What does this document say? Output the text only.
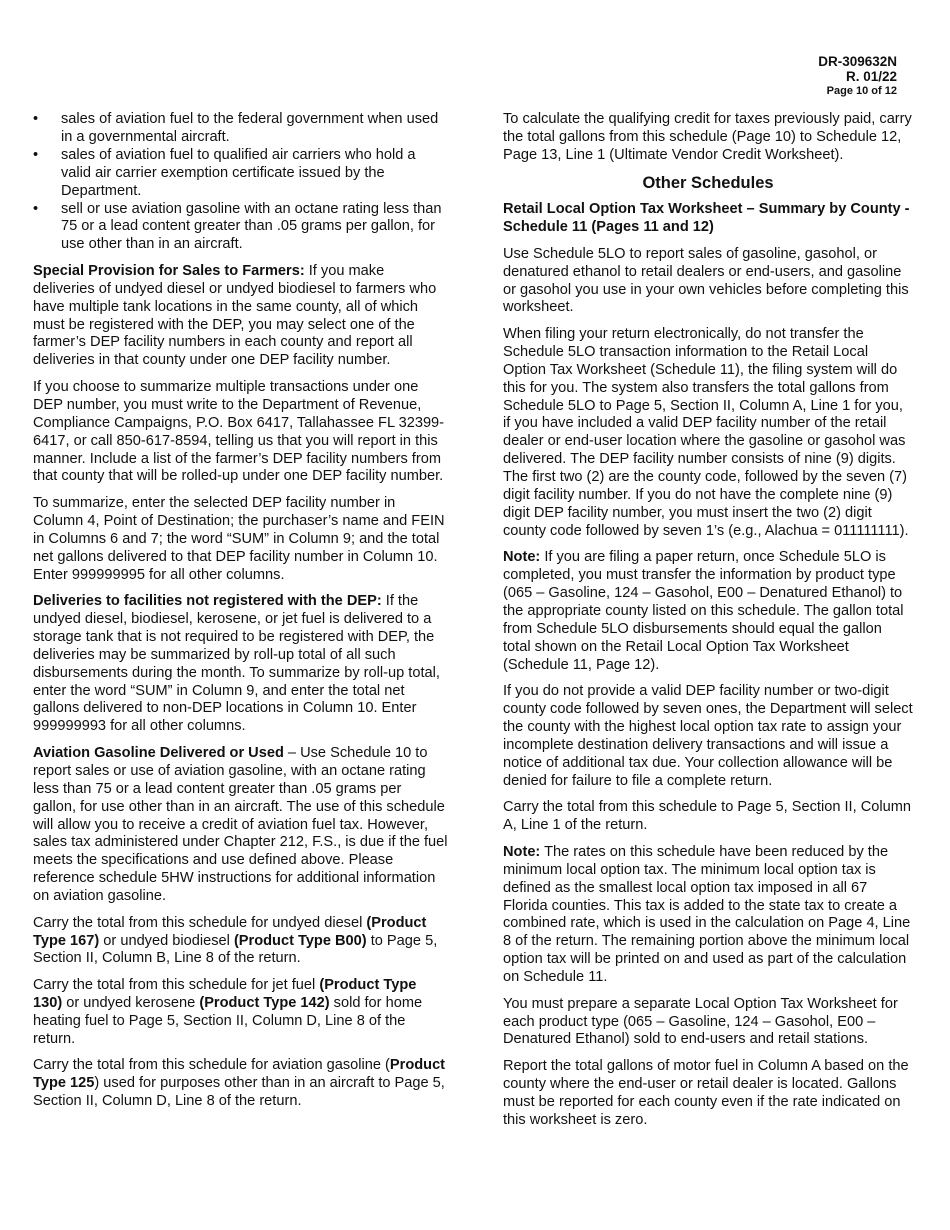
DR-309632N
R. 01/22
Page 10 of 12
• sales of aviation fuel to the federal government when used in a governmental aircraft.
• sales of aviation fuel to qualified air carriers who hold a valid air carrier exemption certificate issued by the Department.
• sell or use aviation gasoline with an octane rating less than 75 or a lead content greater than .05 grams per gallon, for use other than in an aircraft.

Special Provision for Sales to Farmers: If you make deliveries of undyed diesel or undyed biodiesel to farmers who have multiple tank locations in the same county, all of which must be registered with the DEP, you may select one of the farmer’s DEP facility numbers in each county and report all deliveries in that county under one DEP facility number.

If you choose to summarize multiple transactions under one DEP number, you must write to the Department of Revenue, Compliance Campaigns, P.O. Box 6417, Tallahassee FL 32399-6417, or call 850-617-8594, telling us that you will report in this manner. Include a list of the farmer’s DEP facility numbers from that county that will be rolled-up under one DEP facility number.

To summarize, enter the selected DEP facility number in Column 4, Point of Destination; the purchaser’s name and FEIN in Columns 6 and 7; the word “SUM” in Column 9; and the total net gallons delivered to that DEP facility number in Column 10. Enter 999999995 for all other columns.

Deliveries to facilities not registered with the DEP: If the undyed diesel, biodiesel, kerosene, or jet fuel is delivered to a storage tank that is not required to be registered with DEP, the deliveries may be summarized by roll-up total of all such disbursements during the month. To summarize by roll-up total, enter the word “SUM” in Column 9, and enter the total net gallons delivered to non-DEP locations in Column 10. Enter 999999993 for all other columns.

Aviation Gasoline Delivered or Used – Use Schedule 10 to report sales or use of aviation gasoline, with an octane rating less than 75 or a lead content greater than .05 grams per gallon, for use other than in an aircraft. The use of this schedule will allow you to receive a credit of aviation fuel tax. However, sales tax administered under Chapter 212, F.S., is due if the fuel meets the specifications and use defined above. Please reference schedule 5HW instructions for additional information on aviation gasoline.

Carry the total from this schedule for undyed diesel (Product Type 167) or undyed biodiesel (Product Type B00) to Page 5, Section II, Column B, Line 8 of the return.

Carry the total from this schedule for jet fuel (Product Type 130) or undyed kerosene (Product Type 142) sold for home heating fuel to Page 5, Section II, Column D, Line 8 of the return.

Carry the total from this schedule for aviation gasoline (Product Type 125) used for purposes other than in an aircraft to Page 5, Section II, Column D, Line 8 of the return.

To calculate the qualifying credit for taxes previously paid, carry the total gallons from this schedule (Page 10) to Schedule 12, Page 13, Line 1 (Ultimate Vendor Credit Worksheet).

Other Schedules
Retail Local Option Tax Worksheet – Summary by County - Schedule 11 (Pages 11 and 12)

Use Schedule 5LO to report sales of gasoline, gasohol, or denatured ethanol to retail dealers or end-users, and gasoline or gasohol you use in your own vehicles before completing this worksheet.

When filing your return electronically, do not transfer the Schedule 5LO transaction information to the Retail Local Option Tax Worksheet (Schedule 11), the filing system will do this for you. The system also transfers the total gallons from Schedule 5LO to Page 5, Section II, Column A, Line 1 for you, if you have included a valid DEP facility number of the retail dealer or end-user location where the gasoline or gasohol was delivered. The DEP facility number consists of nine (9) digits. The first two (2) are the county code, followed by the seven (7) digit facility number. If you do not have the complete nine (9) digit DEP facility number, you must insert the two (2) digit county code followed by seven 1’s (e.g., Alachua = 011111111).

Note: If you are filing a paper return, once Schedule 5LO is completed, you must transfer the information by product type (065 – Gasoline, 124 – Gasohol, E00 – Denatured Ethanol) to the appropriate county listed on this schedule. The gallon total from Schedule 5LO disbursements should equal the gallon total shown on the Retail Local Option Tax Worksheet (Schedule 11, Page 12).

If you do not provide a valid DEP facility number or two-digit county code followed by seven ones, the Department will select the county with the highest local option tax rate to assign your incomplete destination delivery transactions and will issue a notice of additional tax due. Your collection allowance will be denied for failure to file a complete return.

Carry the total from this schedule to Page 5, Section II, Column A, Line 1 of the return.

Note: The rates on this schedule have been reduced by the minimum local option tax. The minimum local option tax is defined as the smallest local option tax imposed in all 67 Florida counties. This tax is added to the state tax to create a combined rate, which is used in the calculation on Page 4, Line 8 of the return. The remaining portion above the minimum local option tax will be printed on and used as part of the calculation on Schedule 11.

You must prepare a separate Local Option Tax Worksheet for each product type (065 – Gasoline, 124 – Gasohol, E00 – Denatured Ethanol) sold to end-users and retail stations.

Report the total gallons of motor fuel in Column A based on the county where the end-user or retail dealer is located. Gallons must be reported for each county even if the rate indicated on this worksheet is zero.
